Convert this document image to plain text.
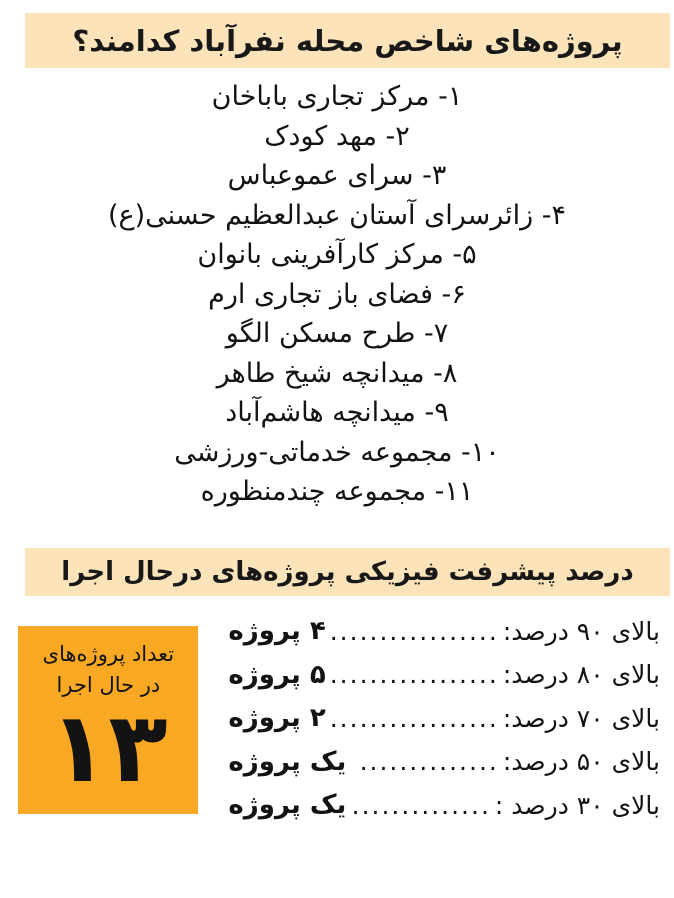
پروژه‌های شاخص محله نفرآباد کدامند؟
۱- مرکز تجاری باباخان
۲- مهد کودک
۳- سرای عموعباس
۴- زائرسرای آستان عبدالعظیم حسنی(ع)
۵- مرکز کارآفرینی بانوان
۶- فضای باز تجاری ارم
۷- طرح مسکن الگو
۸- میدانچه شیخ طاهر
۹- میدانچه هاشم‌آباد
۱۰- مجموعه خدماتی-ورزشی
۱۱- مجموعه چندمنظوره
درصد پیشرفت فیزیکی پروژه‌های درحال اجرا
بالای ۹۰ درصد:
.................
۴ پروژه
بالای ۸۰ درصد:
.................
۵ پروژه
بالای ۷۰ درصد:
.................
۲ پروژه
بالای ۵۰ درصد:
..............
یک پروژه
بالای ۳۰ درصد :
..............
یک پروژه
تعداد پروژه‌های
در حال اجرا
۱۳
